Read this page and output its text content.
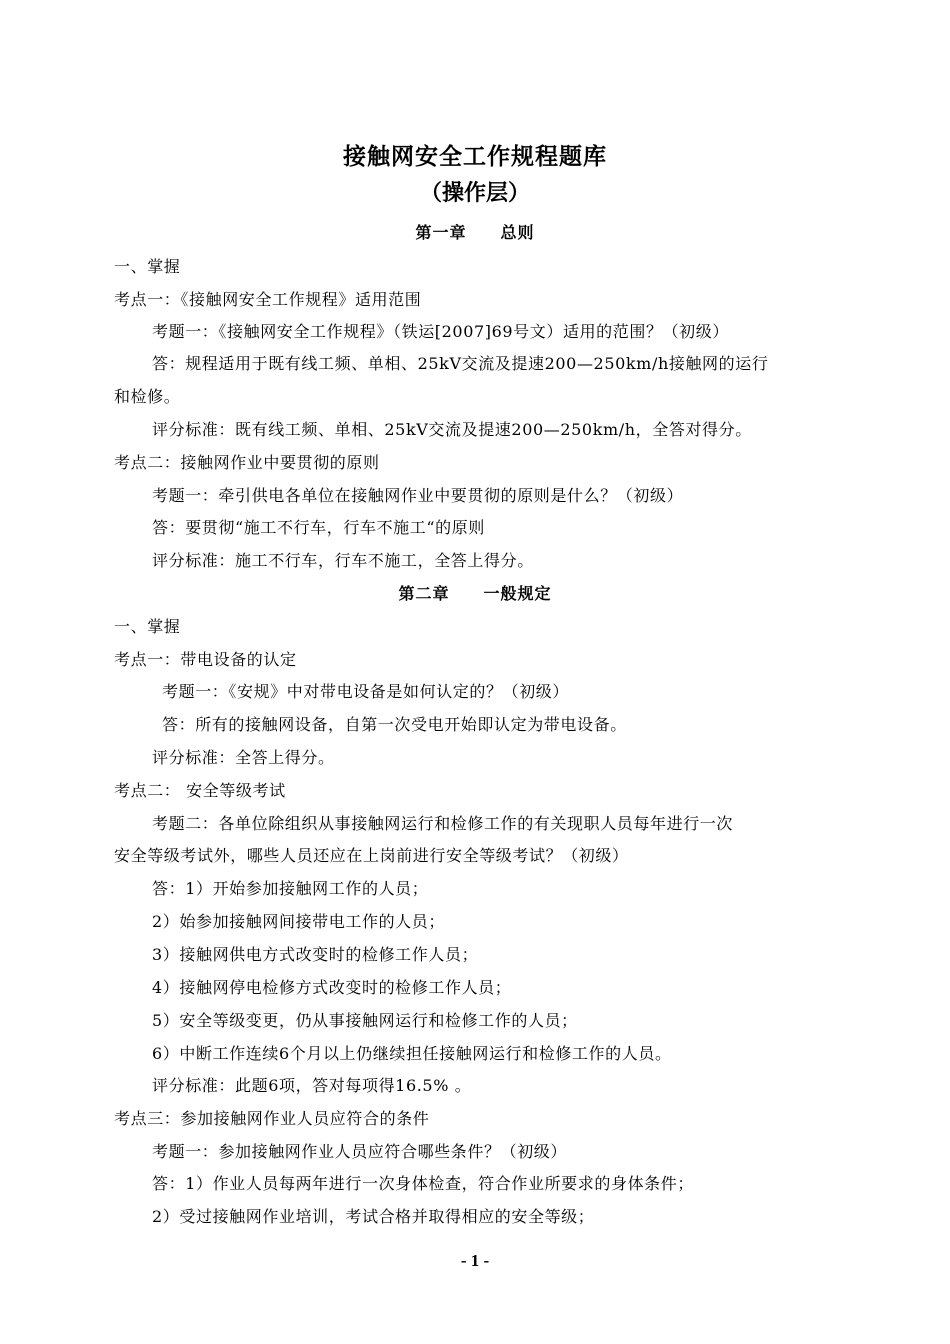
接触网安全工作规程题库
（操作层）
第一章　　总则
一、掌握
考点一：《接触网安全工作规程》适用范围
考题一：《接触网安全工作规程》（铁运[2007]69号文）适用的范围？（初级）
答：规程适用于既有线工频、单相、25kV交流及提速200—250km/h接触网的运行
和检修。
评分标准：既有线工频、单相、25kV交流及提速200—250km/h，全答对得分。
考点二：接触网作业中要贯彻的原则
考题一：牵引供电各单位在接触网作业中要贯彻的原则是什么？（初级）
答：要贯彻“施工不行车，行车不施工“的原则
评分标准：施工不行车，行车不施工，全答上得分。
第二章　　一般规定
一、掌握
考点一：带电设备的认定
考题一：《安规》中对带电设备是如何认定的？（初级）
答：所有的接触网设备，自第一次受电开始即认定为带电设备。
评分标准：全答上得分。
考点二： 安全等级考试
考题二：各单位除组织从事接触网运行和检修工作的有关现职人员每年进行一次
安全等级考试外，哪些人员还应在上岗前进行安全等级考试？（初级）
答：1）开始参加接触网工作的人员；
2）始参加接触网间接带电工作的人员；
3）接触网供电方式改变时的检修工作人员；
4）接触网停电检修方式改变时的检修工作人员；
5）安全等级变更，仍从事接触网运行和检修工作的人员；
6）中断工作连续6个月以上仍继续担任接触网运行和检修工作的人员。
评分标准：此题6项，答对每项得16.5% 。
考点三：参加接触网作业人员应符合的条件
考题一：参加接触网作业人员应符合哪些条件？（初级）
答：1）作业人员每两年进行一次身体检查，符合作业所要求的身体条件；
2）受过接触网作业培训，考试合格并取得相应的安全等级；
- 1 -
